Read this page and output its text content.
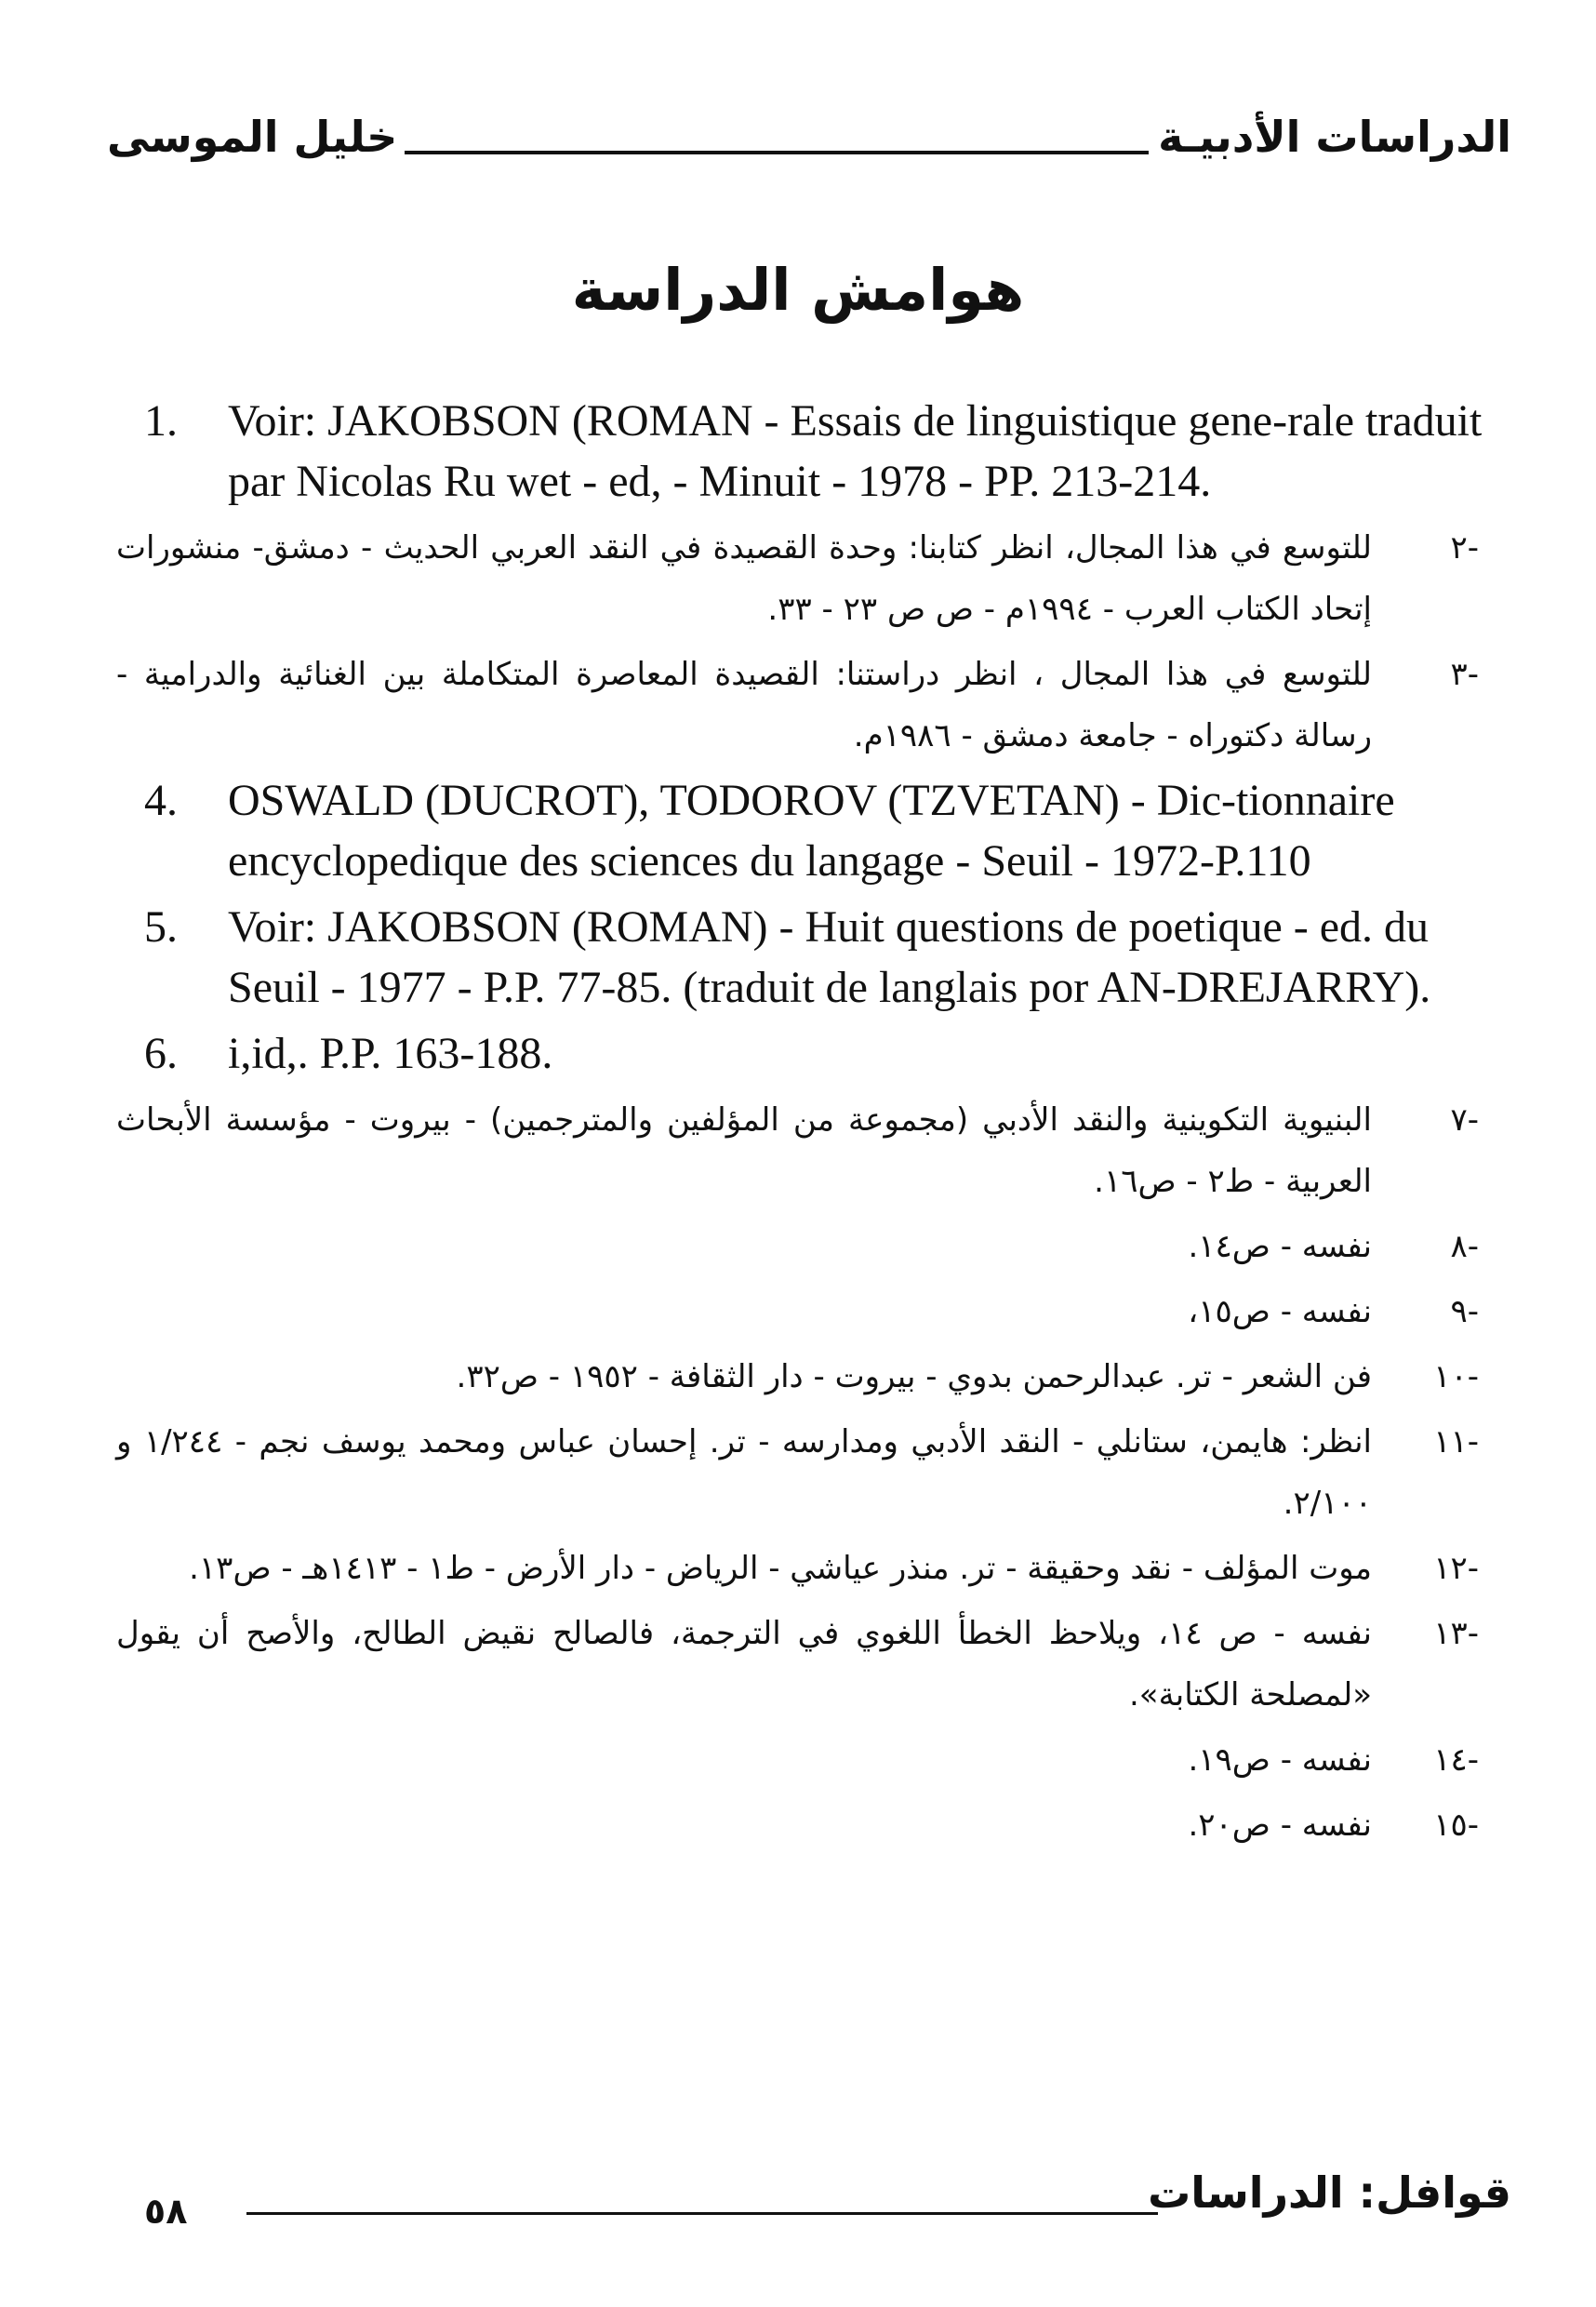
الدراسات الأدبيـة
خليل الموسى
هوامش الدراسة
1. Voir: JAKOBSON (ROMAN - Essais de linguistique gene-rale traduit par Nicolas Ru wet - ed, - Minuit - 1978 - PP. 213-214.
-٢
للتوسع في هذا المجال، انظر كتابنا: وحدة القصيدة في النقد العربي الحديث - دمشق- منشورات إتحاد الكتاب العرب - ١٩٩٤م - ص ص ٢٣ - ٣٣.
-٣
للتوسع في هذا المجال ، انظر دراستنا: القصيدة المعاصرة المتكاملة بين الغنائية والدرامية - رسالة دكتوراه - جامعة دمشق - ١٩٨٦م.
4. OSWALD (DUCROT), TODOROV (TZVETAN) - Dic-tionnaire encyclopedique des sciences du langage - Seuil - 1972-P.110
5. Voir: JAKOBSON (ROMAN) - Huit questions de poetique - ed. du Seuil - 1977 - P.P. 77-85. (traduit de langlais por AN-DREJARRY).
6. i,id,. P.P. 163-188.
-٧
البنيوية التكوينية والنقد الأدبي (مجموعة من المؤلفين والمترجمين) - بيروت - مؤسسة الأبحاث العربية - ط٢ - ص١٦.
-٨
نفسه - ص١٤.
-٩
نفسه - ص١٥،
-١٠
فن الشعر - تر. عبدالرحمن بدوي - بيروت - دار الثقافة - ١٩٥٢ - ص٣٢.
-١١
انظر: هايمن، ستانلي - النقد الأدبي ومدارسه - تر. إحسان عباس ومحمد يوسف نجم - ١/٢٤٤ و ٢/١٠٠.
-١٢
موت المؤلف - نقد وحقيقة - تر. منذر عياشي - الرياض - دار الأرض - ط١ - ١٤١٣هـ - ص١٣.
-١٣
نفسه - ص ١٤، ويلاحظ الخطأ اللغوي في الترجمة، فالصالح نقيض الطالح، والأصح أن يقول «لمصلحة الكتابة».
-١٤
نفسه - ص١٩.
-١٥
نفسه - ص٢٠.
قوافل: الدراسات
٥٨
